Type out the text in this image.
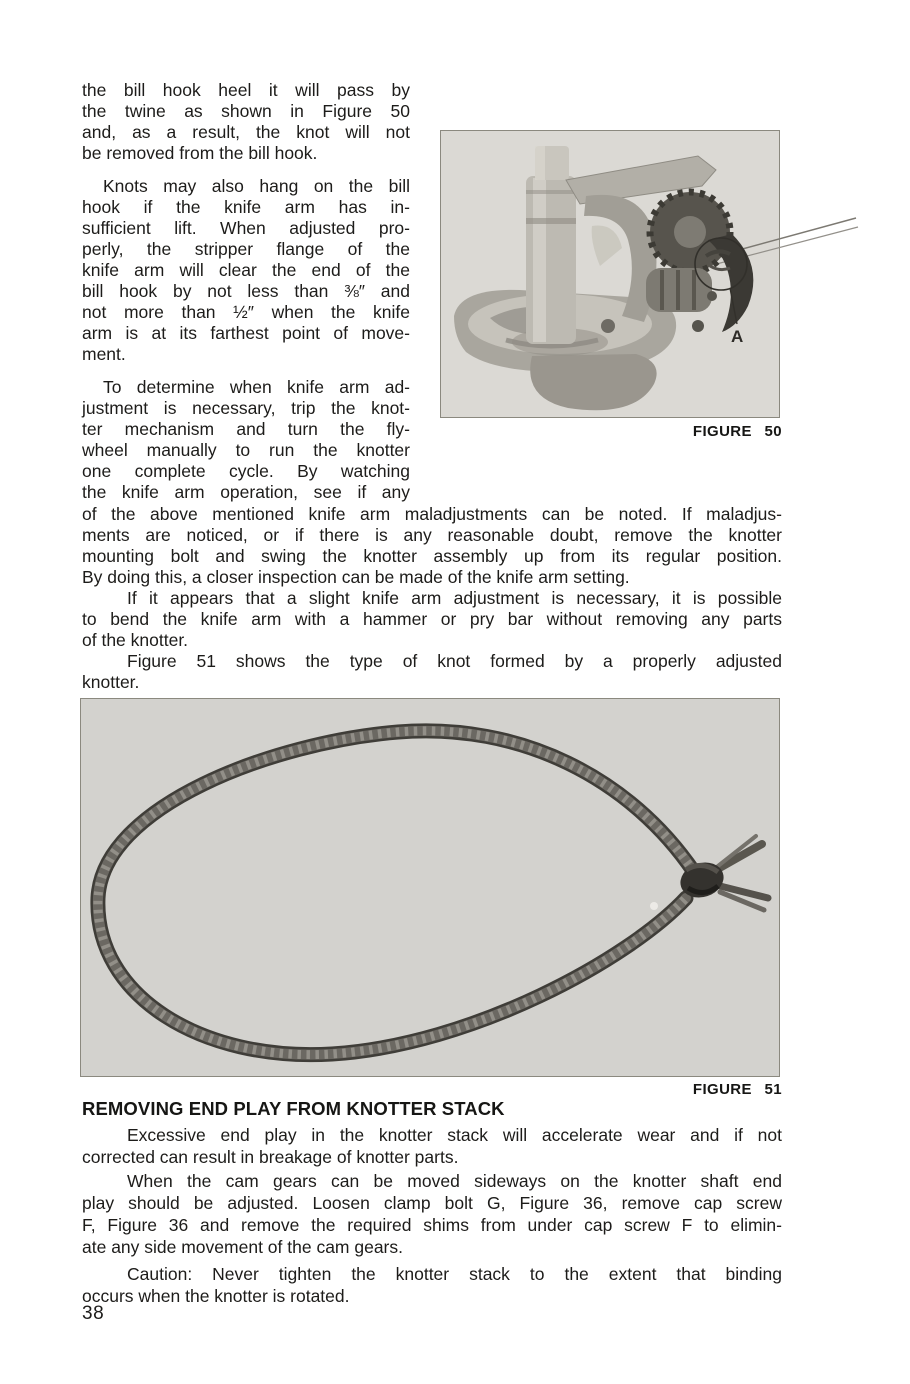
the bill hook heel it will pass by
the twine as shown in Figure 50
and, as a result, the knot will not
be removed from the bill hook.
Knots may also hang on the bill
hook if the knife arm has in-
sufficient lift. When adjusted pro-
perly, the stripper flange of the
knife arm will clear the end of the
bill hook by not less than ⅜″ and
not more than ½″ when the knife
arm is at its farthest point of move-
ment.
To determine when knife arm ad-
justment is necessary, trip the knot-
ter mechanism and turn the fly-
wheel manually to run the knotter
one complete cycle. By watching
the knife arm operation, see if any
A
FIGURE 50
of the above mentioned knife arm maladjustments can be noted. If maladjus-
ments are noticed, or if there is any reasonable doubt, remove the knotter
mounting bolt and swing the knotter assembly up from its regular position.
By doing this, a closer inspection can be made of the knife arm setting.
If it appears that a slight knife arm adjustment is necessary, it is possible
to bend the knife arm with a hammer or pry bar without removing any parts
of the knotter.
Figure 51 shows the type of knot formed by a properly adjusted
knotter.
FIGURE 51
REMOVING END PLAY FROM KNOTTER STACK
Excessive end play in the knotter stack will accelerate wear and if not
corrected can result in breakage of knotter parts.
When the cam gears can be moved sideways on the knotter shaft end
play should be adjusted. Loosen clamp bolt G, Figure 36, remove cap screw
F, Figure 36 and remove the required shims from under cap screw F to elimin-
ate any side movement of the cam gears.
Caution: Never tighten the knotter stack to the extent that binding
occurs when the knotter is rotated.
38
